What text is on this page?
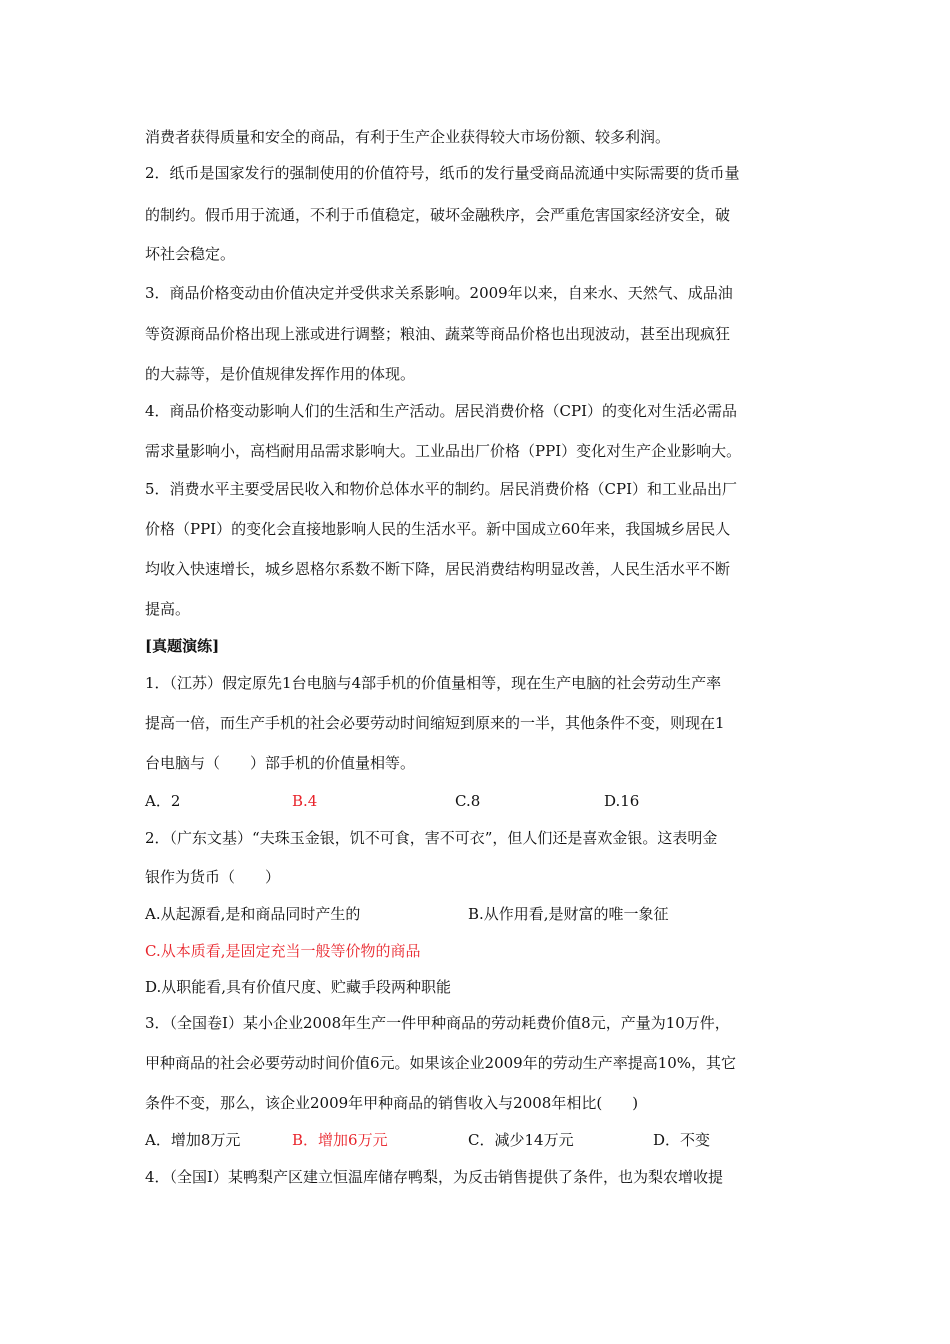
消费者获得质量和安全的商品，有利于生产企业获得较大市场份额、较多利润。
2．纸币是国家发行的强制使用的价值符号，纸币的发行量受商品流通中实际需要的货币量
的制约。假币用于流通，不利于币值稳定，破坏金融秩序，会严重危害国家经济安全，破
坏社会稳定。
3．商品价格变动由价值决定并受供求关系影响。2009年以来，自来水、天然气、成品油
等资源商品价格出现上涨或进行调整；粮油、蔬菜等商品价格也出现波动，甚至出现疯狂
的大蒜等，是价值规律发挥作用的体现。
4．商品价格变动影响人们的生活和生产活动。居民消费价格（CPI）的变化对生活必需品
需求量影响小，高档耐用品需求影响大。工业品出厂价格（PPI）变化对生产企业影响大。
5．消费水平主要受居民收入和物价总体水平的制约。居民消费价格（CPI）和工业品出厂
价格（PPI）的变化会直接地影响人民的生活水平。新中国成立60年来，我国城乡居民人
均收入快速增长，城乡恩格尔系数不断下降，居民消费结构明显改善，人民生活水平不断
提高。
[真题演练]
1．（江苏）假定原先1台电脑与4部手机的价值量相等，现在生产电脑的社会劳动生产率
提高一倍，而生产手机的社会必要劳动时间缩短到原来的一半，其他条件不变，则现在1
台电脑与（　　）部手机的价值量相等。
A．2	B.4	C.8	D.16
2．（广东文基）“夫珠玉金银，饥不可食，害不可衣”，但人们还是喜欢金银。这表明金
银作为货币（　　）
A.从起源看,是和商品同时产生的	B.从作用看,是财富的唯一象征
C.从本质看,是固定充当一般等价物的商品
D.从职能看,具有价值尺度、贮藏手段两种职能
3．（全国卷Ⅰ）某小企业2008年生产一件甲种商品的劳动耗费价值8元，产量为10万件，
甲种商品的社会必要劳动时间价值6元。如果该企业2009年的劳动生产率提高10%，其它
条件不变，那么，该企业2009年甲种商品的销售收入与2008年相比(　　)
A．增加8万元	B．增加6万元	C．减少14万元	D．不变
4．（全国Ⅰ）某鸭梨产区建立恒温库储存鸭梨，为反击销售提供了条件，也为梨农增收提
